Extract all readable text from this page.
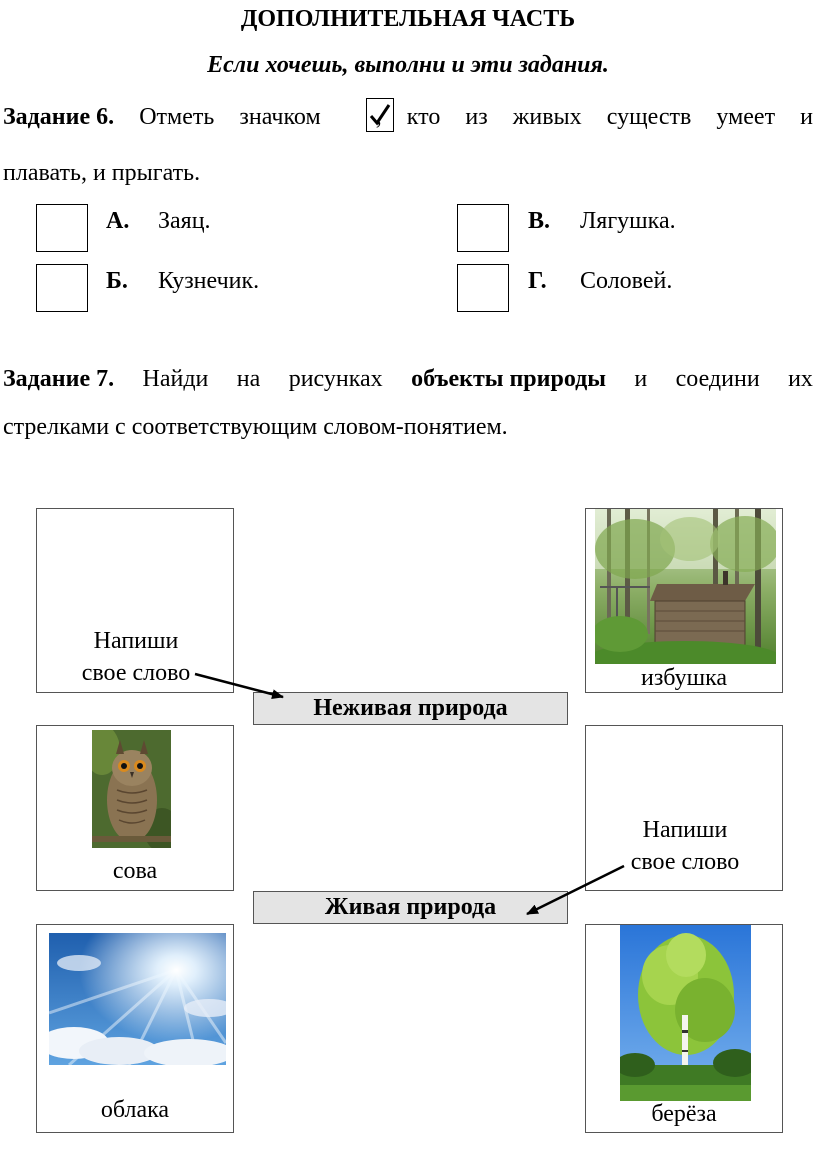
ДОПОЛНИТЕЛЬНАЯ ЧАСТЬ
Если хочешь, выполни и эти задания.
Задание 6. Отметь значком , кто из живых существ умеет и
плавать, и прыгать.
А. Заяц.
Б. Кузнечик.
В. Лягушка.
Г. Соловей.
Задание 7. Найди на рисунках объекты природы и соедини их
стрелками с соответствующим словом-понятием.
Напиши
свое слово	избушка
Неживая природа
сова
Напиши
свое слово
Живая природа
облака	берёза
